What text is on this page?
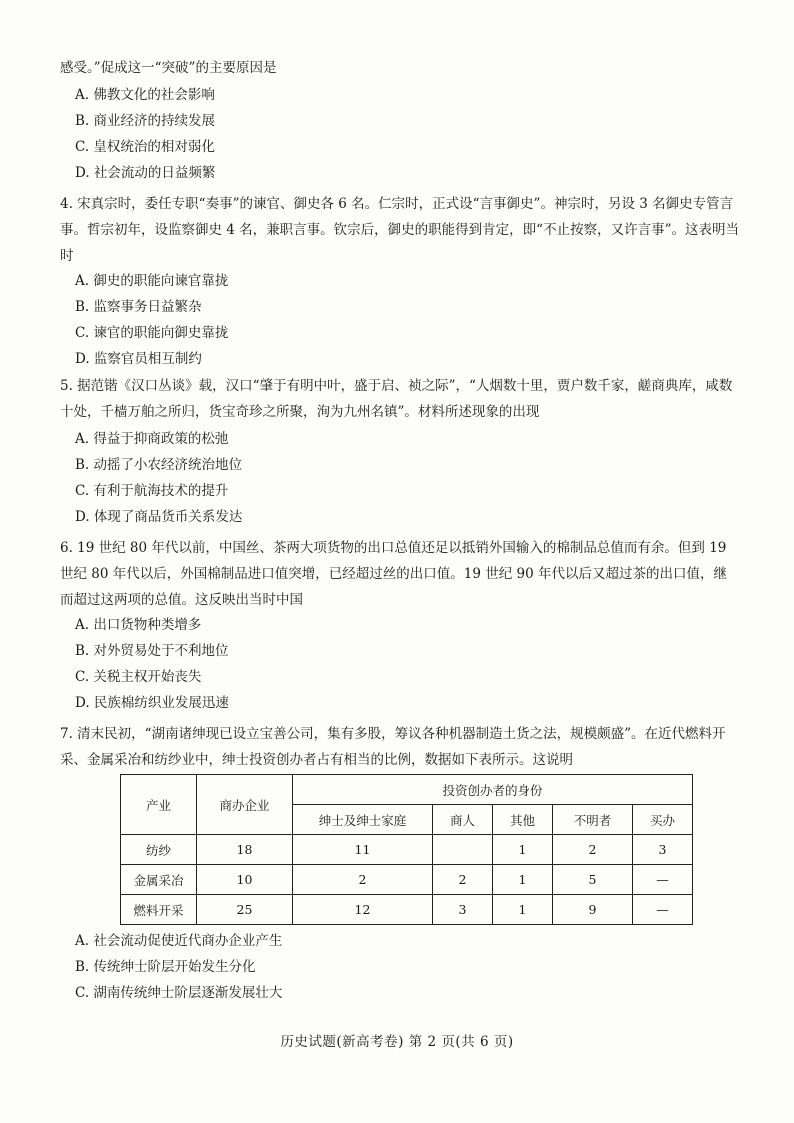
感受。”促成这一“突破”的主要原因是
A. 佛教文化的社会影响
B. 商业经济的持续发展
C. 皇权统治的相对弱化
D. 社会流动的日益频繁
4. 宋真宗时，委任专职“奏事”的谏官、御史各 6 名。仁宗时，正式设“言事御史”。神宗时，另设 3 名御史专管言事。哲宗初年，设监察御史 4 名，兼职言事。钦宗后，御史的职能得到肯定，即“不止按察，又许言事”。这表明当时
A. 御史的职能向谏官靠拢
B. 监察事务日益繁杂
C. 谏官的职能向御史靠拢
D. 监察官员相互制约
5. 据范锴《汉口丛谈》载，汉口“肇于有明中叶，盛于启、祯之际”，“人烟数十里，贾户数千家，鹾商典库，咸数十处，千樯万舶之所归，货宝奇珍之所聚，洵为九州名镇”。材料所述现象的出现
A. 得益于抑商政策的松弛
B. 动摇了小农经济统治地位
C. 有利于航海技术的提升
D. 体现了商品货币关系发达
6. 19 世纪 80 年代以前，中国丝、茶两大项货物的出口总值还足以抵销外国输入的棉制品总值而有余。但到 19 世纪 80 年代以后，外国棉制品进口值突增，已经超过丝的出口值。19 世纪 90 年代以后又超过茶的出口值，继而超过这两项的总值。这反映出当时中国
A. 出口货物种类增多
B. 对外贸易处于不利地位
C. 关税主权开始丧失
D. 民族棉纺织业发展迅速
7. 清末民初，“湖南诸绅现已设立宝善公司，集有多股，筹议各种机器制造土货之法，规模颇盛”。在近代燃料开采、金属采冶和纺纱业中，绅士投资创办者占有相当的比例，数据如下表所示。这说明
产业	商办企业	投资创办者的身份				
		绅士及绅士家庭	商人	其他	不明者	买办
纺纱	18	11		1	2	3
金属采冶	10	2	2	1	5	—
燃料开采	25	12	3	1	9	—
A. 社会流动促使近代商办企业产生
B. 传统绅士阶层开始发生分化
C. 湖南传统绅士阶层逐渐发展壮大
历史试题(新高考卷) 第 2 页(共 6 页)
